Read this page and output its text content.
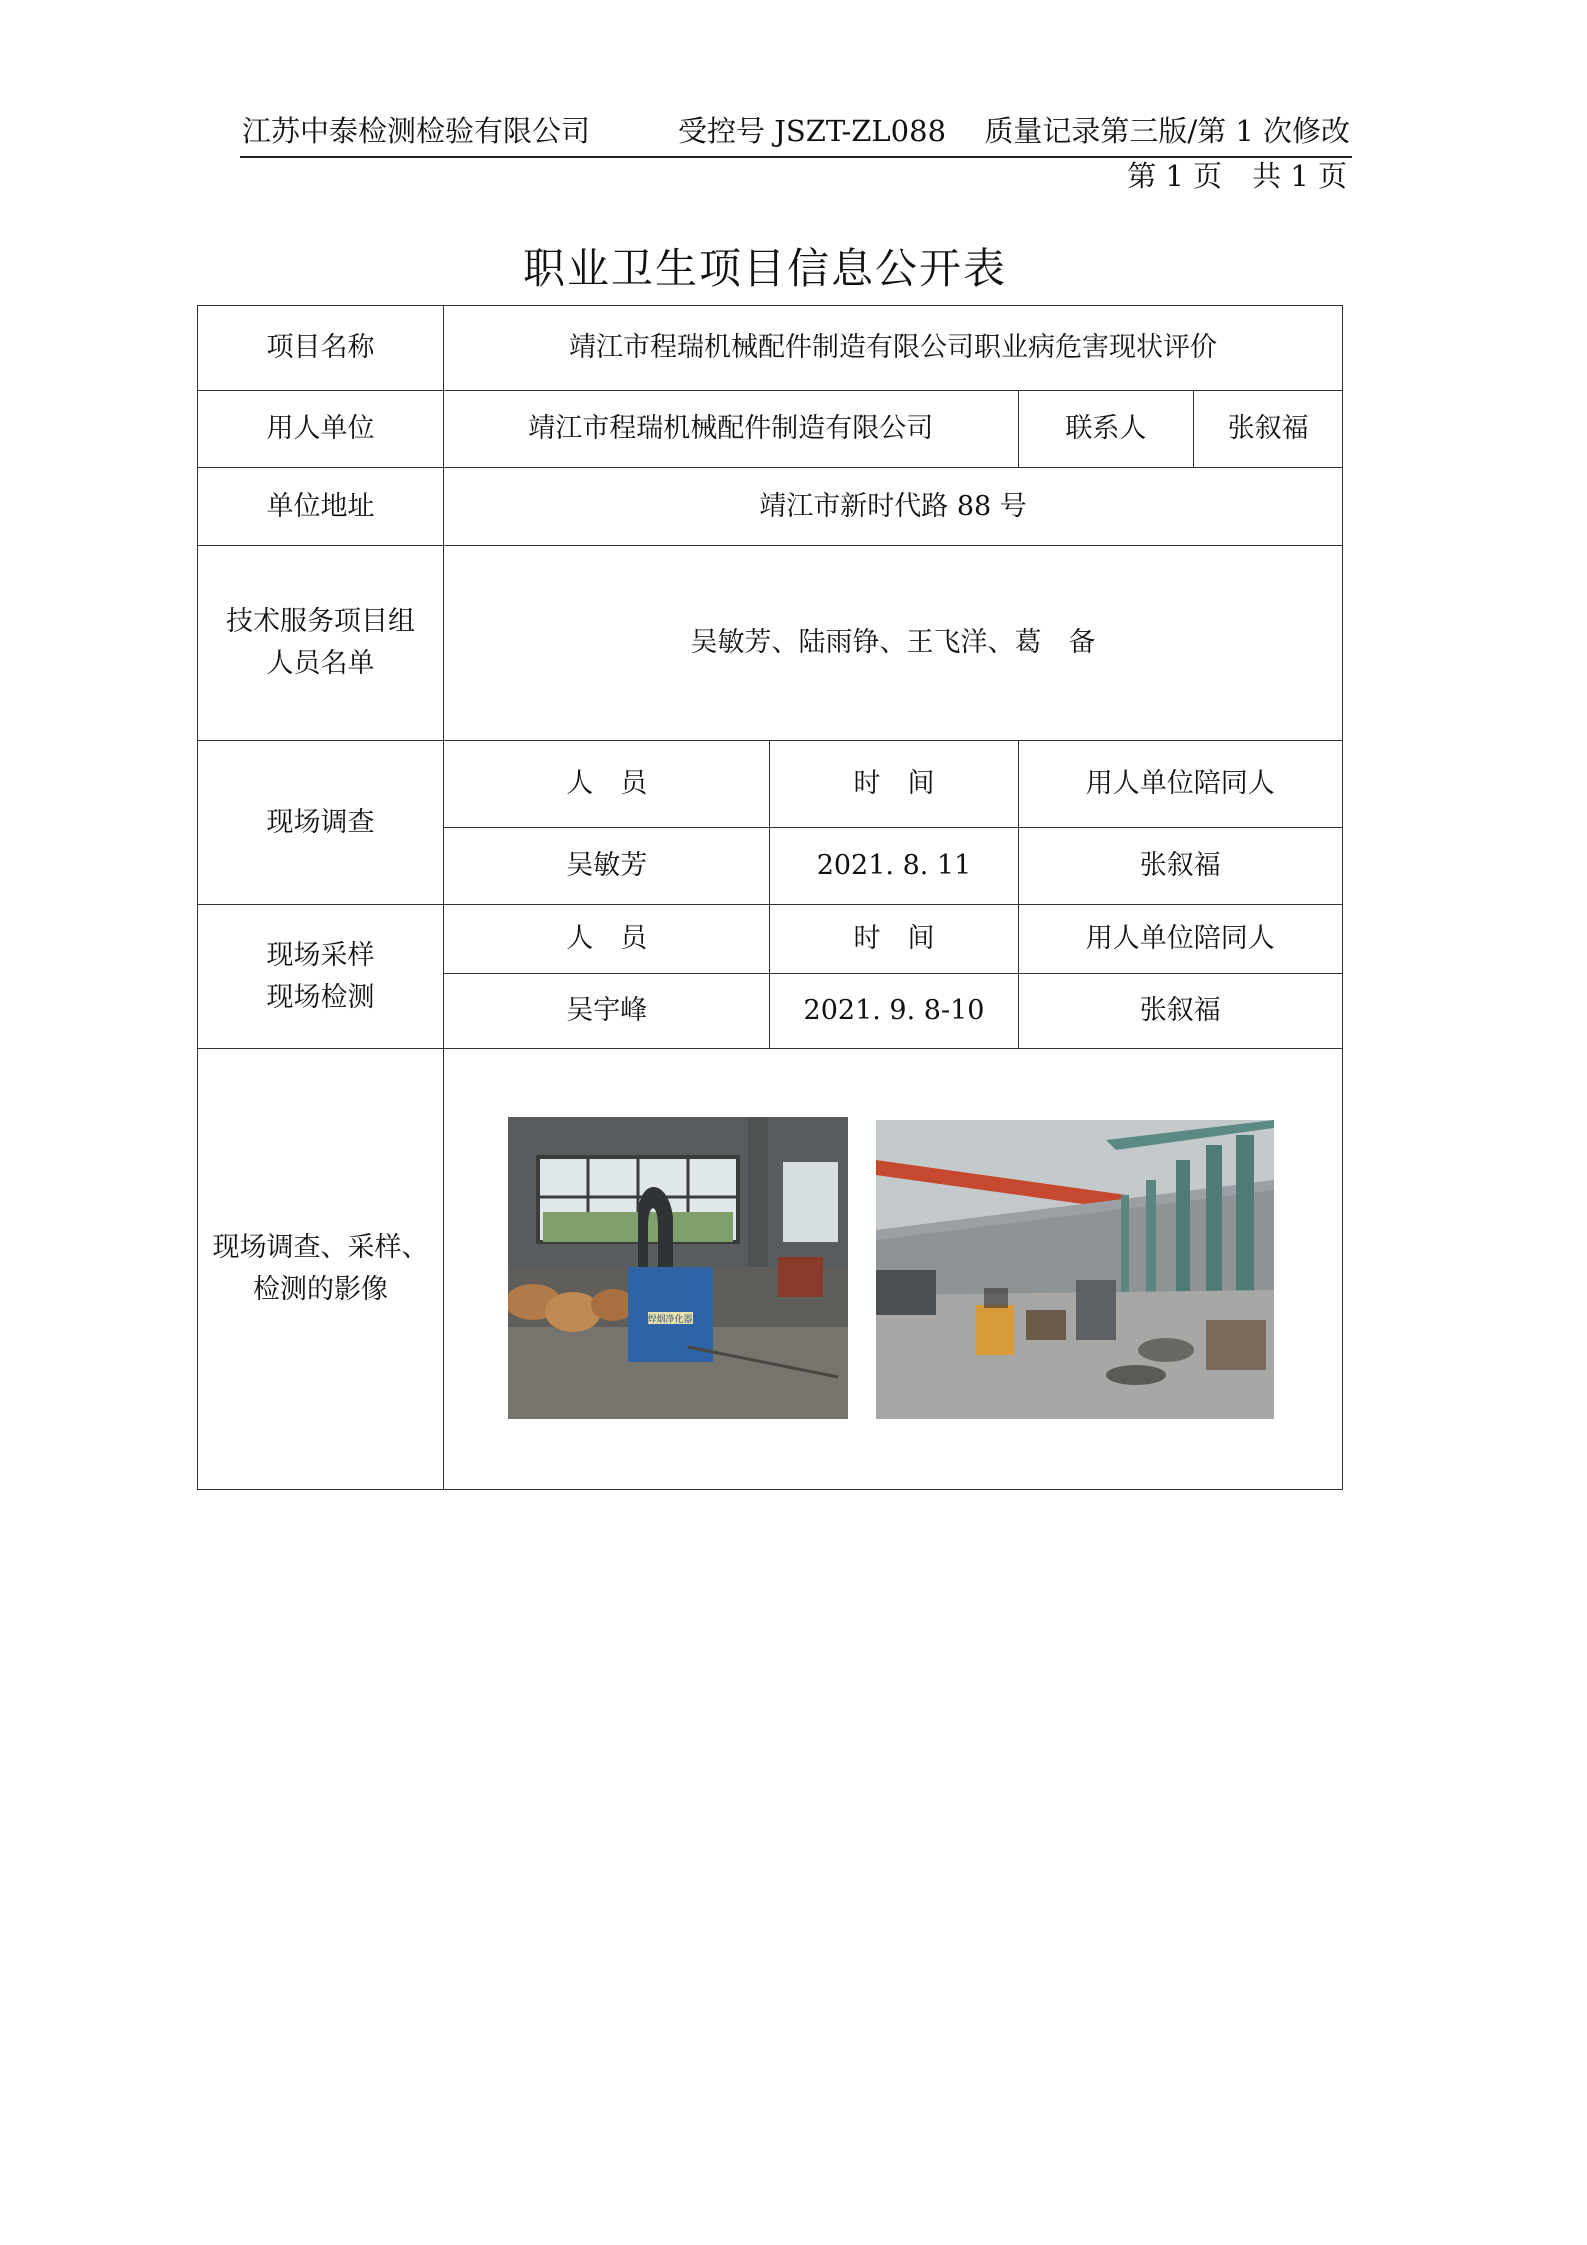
江苏中泰检测检验有限公司	受控号 JSZT-ZL088 质量记录第三版/第 1 次修改
第 1 页 共 1 页
职业卫生项目信息公开表
项目名称	靖江市程瑞机械配件制造有限公司职业病危害现状评价			
用人单位	靖江市程瑞机械配件制造有限公司		联系人	张叙福
单位地址	靖江市新时代路 88 号			

技术服务项目组
人员名单	吴敏芳、陆雨铮、王飞洋、葛　备			
现场调查	人　员	时　间	用人单位陪同人	
	吴敏芳	2021. 8. 11	张叙福	

现场采样
现场检测	人　员	时　间	用人单位陪同人	
	吴宇峰	2021. 9. 8-10	张叙福	

现场调查、采样、
检测的影像	焊烟净化器			
